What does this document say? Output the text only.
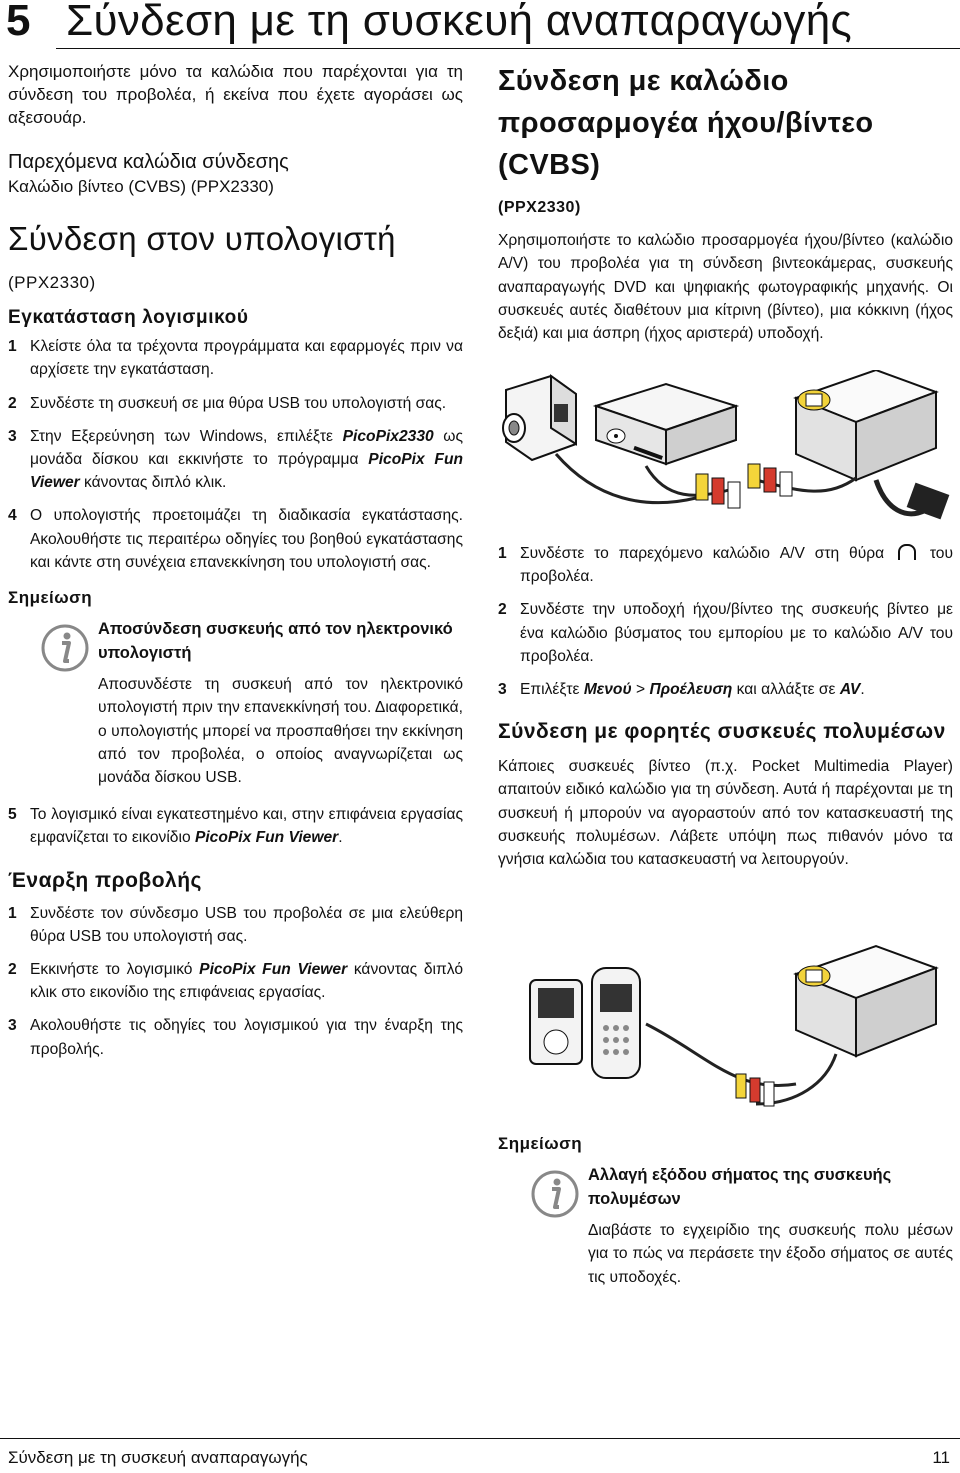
5 Σύνδεση με τη συσκευή αναπαραγωγής

Χρησιμοποιήστε μόνο τα καλώδια που παρέχονται για τη σύνδεση του προβολέα, ή εκείνα που έχετε αγοράσει ως αξεσουάρ.

Παρεχόμενα καλώδια σύνδεσης

Καλώδιο βίντεο (CVBS) (PPX2330)

Σύνδεση στον υπολογιστή
(PPX2330)
Εγκατάσταση λογισμικού
1 Κλείστε όλα τα τρέχοντα προγράμματα και εφαρμογές πριν να αρχίσετε την εγκατάσταση.
2 Συνδέστε τη συσκευή σε μια θύρα USB του υπολογιστή σας.
3 Στην Εξερεύνηση των Windows, επιλέξτε PicoPix2330 ως μονάδα δίσκου και εκκινήστε το πρόγραμμα PicoPix Fun Viewer κάνοντας διπλό κλικ.
4 Ο υπολογιστής προετοιμάζει τη διαδικασία εγκατάστασης. Ακολουθήστε τις περαιτέρω οδηγίες του βοηθού εγκατάστασης και κάντε στη συνέχεια επανεκκίνηση του υπολογιστή σας.
Σημείωση
Αποσύνδεση συσκευής από τον ηλεκτρονικό υπολογιστή
Αποσυνδέστε τη συσκευή από τον ηλεκτρονικό υπολογιστή πριν την επανεκκίνησή του. Διαφορετικά, ο υπολογιστής μπορεί να προσπαθήσει την εκκίνηση από τον προβολέα, ο οποίος αναγνωρίζεται ως μονάδα δίσκου USB.
5 Το λογισμικό είναι εγκατεστημένο και, στην επιφάνεια εργασίας εμφανίζεται το εικονίδιο PicoPix Fun Viewer.
Έναρξη προβολής
1 Συνδέστε τον σύνδεσμο USB του προβολέα σε μια ελεύθερη θύρα USB του υπολογιστή σας.
2 Εκκινήστε το λογισμικό PicoPix Fun Viewer κάνοντας διπλό κλικ στο εικονίδιο της επιφάνειας εργασίας.
3 Ακολουθήστε τις οδηγίες του λογισμικού για την έναρξη της προβολής.
Σύνδεση με καλώδιο προσαρμογέα ήχου/βίντεο (CVBS)
(PPX2330)

Χρησιμοποιήστε το καλώδιο προσαρμογέα ήχου/βίντεο (καλώδιο A/V) του προβολέα για τη σύνδεση βιντεοκάμερας, συσκευής αναπαραγωγής DVD και ψηφιακής φωτογραφικής μηχανής. Οι συσκευές αυτές διαθέτουν μια κίτρινη (βίντεο), μια κόκκινη (ήχος δεξιά) και μια άσπρη (ήχος αριστερά) υποδοχή.

1 Συνδέστε το παρεχόμενο καλώδιο A/V στη θύρα  του προβολέα.
2 Συνδέστε την υποδοχή ήχου/βίντεο της συσκευής βίντεο με ένα καλώδιο βύσματος του εμπορίου με το καλώδιο A/V του προβολέα.
3 Επιλέξτε Μενού > Προέλευση και αλλάξτε σε AV.
Σύνδεση με φορητές συσκευές πολυμέσων

Κάποιες συσκευές βίντεο (π.χ. Pocket Multimedia Player) απαιτούν ειδικό καλώδιο για τη σύνδεση. Αυτά ή παρέχονται με τη συσκευή ή μπορούν να αγοραστούν από τον κατασκευαστή της συσκευής πολυμέσων. Λάβετε υπόψη πως πιθανόν μόνο τα γνήσια καλώδια του κατασκευαστή να λειτουργούν.

Σημείωση
Αλλαγή εξόδου σήματος της συσκευής πολυμέσων
Διαβάστε το εγχειρίδιο της συσκευής πολυ μέσων για το πώς να περάσετε την έξοδο σήματος σε αυτές τις υποδοχές.
Σύνδεση με τη συσκευή αναπαραγωγής	11
